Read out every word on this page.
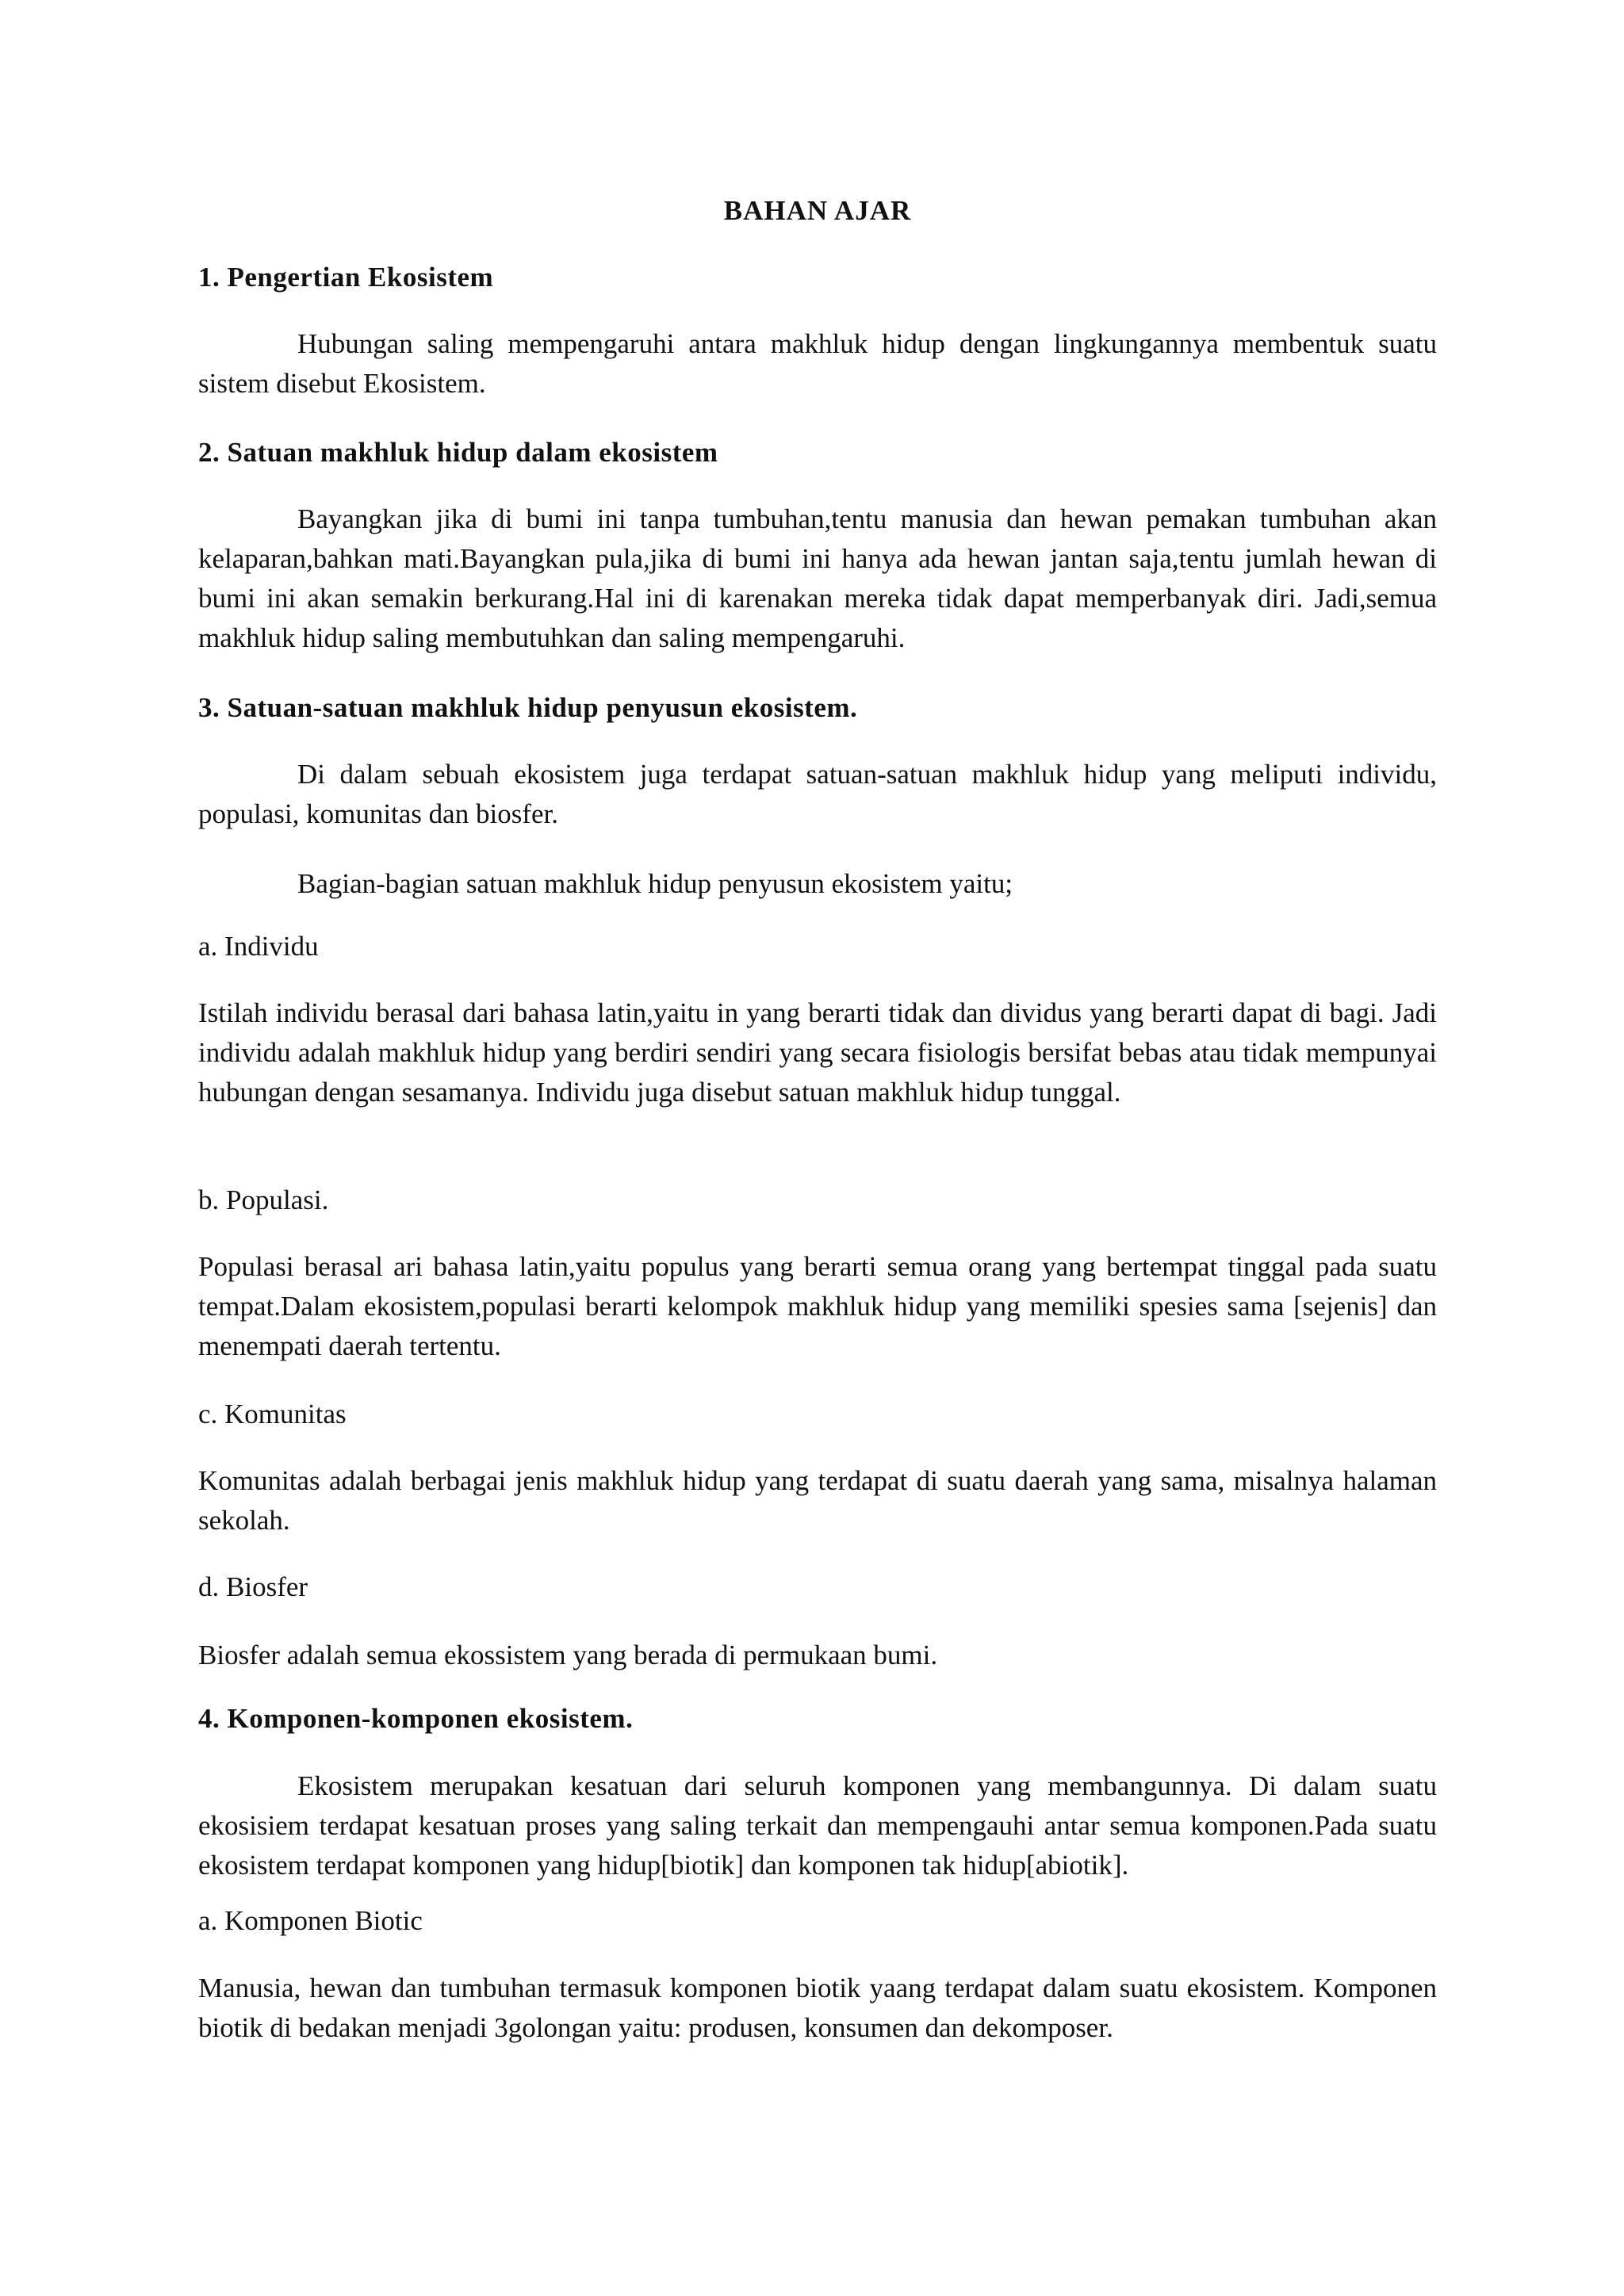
BAHAN AJAR
1. Pengertian Ekosistem

Hubungan saling mempengaruhi antara makhluk hidup dengan lingkungannya membentuk suatu sistem disebut Ekosistem.

2. Satuan makhluk hidup dalam ekosistem

Bayangkan jika di bumi ini tanpa tumbuhan,tentu manusia dan hewan pemakan tumbuhan akan kelaparan,bahkan mati.Bayangkan pula,jika di bumi ini hanya ada hewan jantan saja,tentu jumlah hewan di bumi ini akan semakin berkurang.Hal ini di karenakan mereka tidak dapat memperbanyak diri. Jadi,semua makhluk hidup saling membutuhkan dan saling mempengaruhi.

3. Satuan-satuan makhluk hidup penyusun ekosistem.

Di dalam sebuah ekosistem juga terdapat satuan-satuan makhluk hidup yang meliputi individu, populasi, komunitas dan biosfer.

Bagian-bagian satuan makhluk hidup penyusun ekosistem yaitu;

a. Individu

Istilah individu berasal dari bahasa latin,yaitu in yang berarti tidak dan dividus yang berarti dapat di bagi. Jadi individu adalah makhluk hidup yang berdiri sendiri yang secara fisiologis bersifat bebas atau tidak mempunyai hubungan dengan sesamanya. Individu juga disebut satuan makhluk hidup tunggal.

b. Populasi.

Populasi berasal ari bahasa latin,yaitu populus yang berarti semua orang yang bertempat tinggal pada suatu tempat.Dalam ekosistem,populasi berarti kelompok makhluk hidup yang memiliki spesies sama [sejenis] dan menempati daerah tertentu.

c. Komunitas

Komunitas adalah berbagai jenis makhluk hidup yang terdapat di suatu daerah yang sama, misalnya halaman sekolah.

d. Biosfer

Biosfer adalah semua ekossistem yang berada di permukaan bumi.

4. Komponen-komponen ekosistem.

Ekosistem merupakan kesatuan dari seluruh komponen yang membangunnya. Di dalam suatu ekosisiem terdapat kesatuan proses yang saling terkait dan mempengauhi antar semua komponen.Pada suatu ekosistem terdapat komponen yang hidup[biotik] dan komponen tak hidup[abiotik].

a. Komponen Biotic

Manusia, hewan dan tumbuhan termasuk komponen biotik yaang terdapat dalam suatu ekosistem. Komponen biotik di bedakan menjadi 3golongan yaitu: produsen, konsumen dan dekomposer.
